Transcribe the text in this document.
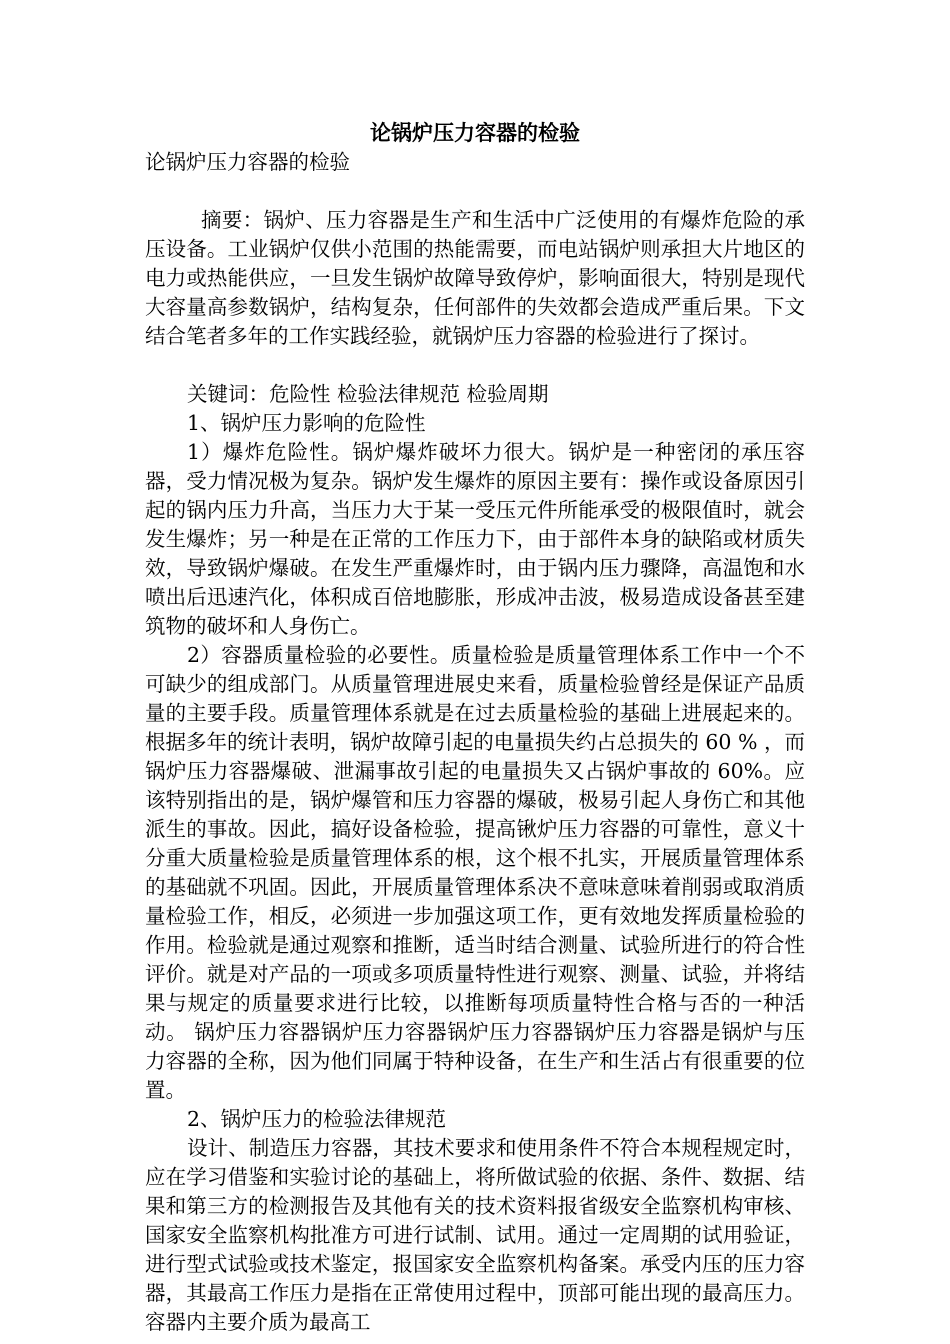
论锅炉压力容器的检验

论锅炉压力容器的检验

摘要：锅炉、压力容器是生产和生活中广泛使用的有爆炸危险的承压设备。工业锅炉仅供小范围的热能需要，而电站锅炉则承担大片地区的电力或热能供应，一旦发生锅炉故障导致停炉，影响面很大，特别是现代大容量高参数锅炉，结构复杂，任何部件的失效都会造成严重后果。下文结合笔者多年的工作实践经验，就锅炉压力容器的检验进行了探讨。

关键词：危险性 检验法律规范 检验周期

1、锅炉压力影响的危险性

1）爆炸危险性。锅炉爆炸破坏力很大。锅炉是一种密闭的承压容器，受力情况极为复杂。锅炉发生爆炸的原因主要有：操作或设备原因引起的锅内压力升高，当压力大于某一受压元件所能承受的极限值时，就会发生爆炸；另一种是在正常的工作压力下，由于部件本身的缺陷或材质失效，导致锅炉爆破。在发生严重爆炸时，由于锅内压力骤降，高温饱和水喷出后迅速汽化，体积成百倍地膨胀，形成冲击波，极易造成设备甚至建筑物的破坏和人身伤亡。

2）容器质量检验的必要性。质量检验是质量管理体系工作中一个不可缺少的组成部门。从质量管理进展史来看，质量检验曾经是保证产品质量的主要手段。质量管理体系就是在过去质量检验的基础上进展起来的。根据多年的统计表明，锅炉故障引起的电量损失约占总损失的 60 % ，而锅炉压力容器爆破、泄漏事故引起的电量损失又占锅炉事故的 60%。应该特别指出的是，锅炉爆管和压力容器的爆破，极易引起人身伤亡和其他派生的事故。因此，搞好设备检验，提高锹炉压力容器的可靠性，意义十分重大质量检验是质量管理体系的根，这个根不扎实，开展质量管理体系的基础就不巩固。因此，开展质量管理体系决不意味意味着削弱或取消质量检验工作，相反，必须进一步加强这项工作，更有效地发挥质量检验的作用。检验就是通过观察和推断，适当时结合测量、试验所进行的符合性评价。就是对产品的一项或多项质量特性进行观察、测量、试验，并将结果与规定的质量要求进行比较，以推断每项质量特性合格与否的一种活动。 锅炉压力容器锅炉压力容器锅炉压力容器锅炉压力容器是锅炉与压力容器的全称，因为他们同属于特种设备，在生产和生活占有很重要的位置。

2、锅炉压力的检验法律规范

设计、制造压力容器，其技术要求和使用条件不符合本规程规定时，应在学习借鉴和实验讨论的基础上，将所做试验的依据、条件、数据、结果和第三方的检测报告及其他有关的技术资料报省级安全监察机构审核、国家安全监察机构批准方可进行试制、试用。通过一定周期的试用验证，进行型式试验或技术鉴定，报国家安全监察机构备案。承受内压的压力容器，其最高工作压力是指在正常使用过程中，顶部可能出现的最高压力。容器内主要介质为最高工
